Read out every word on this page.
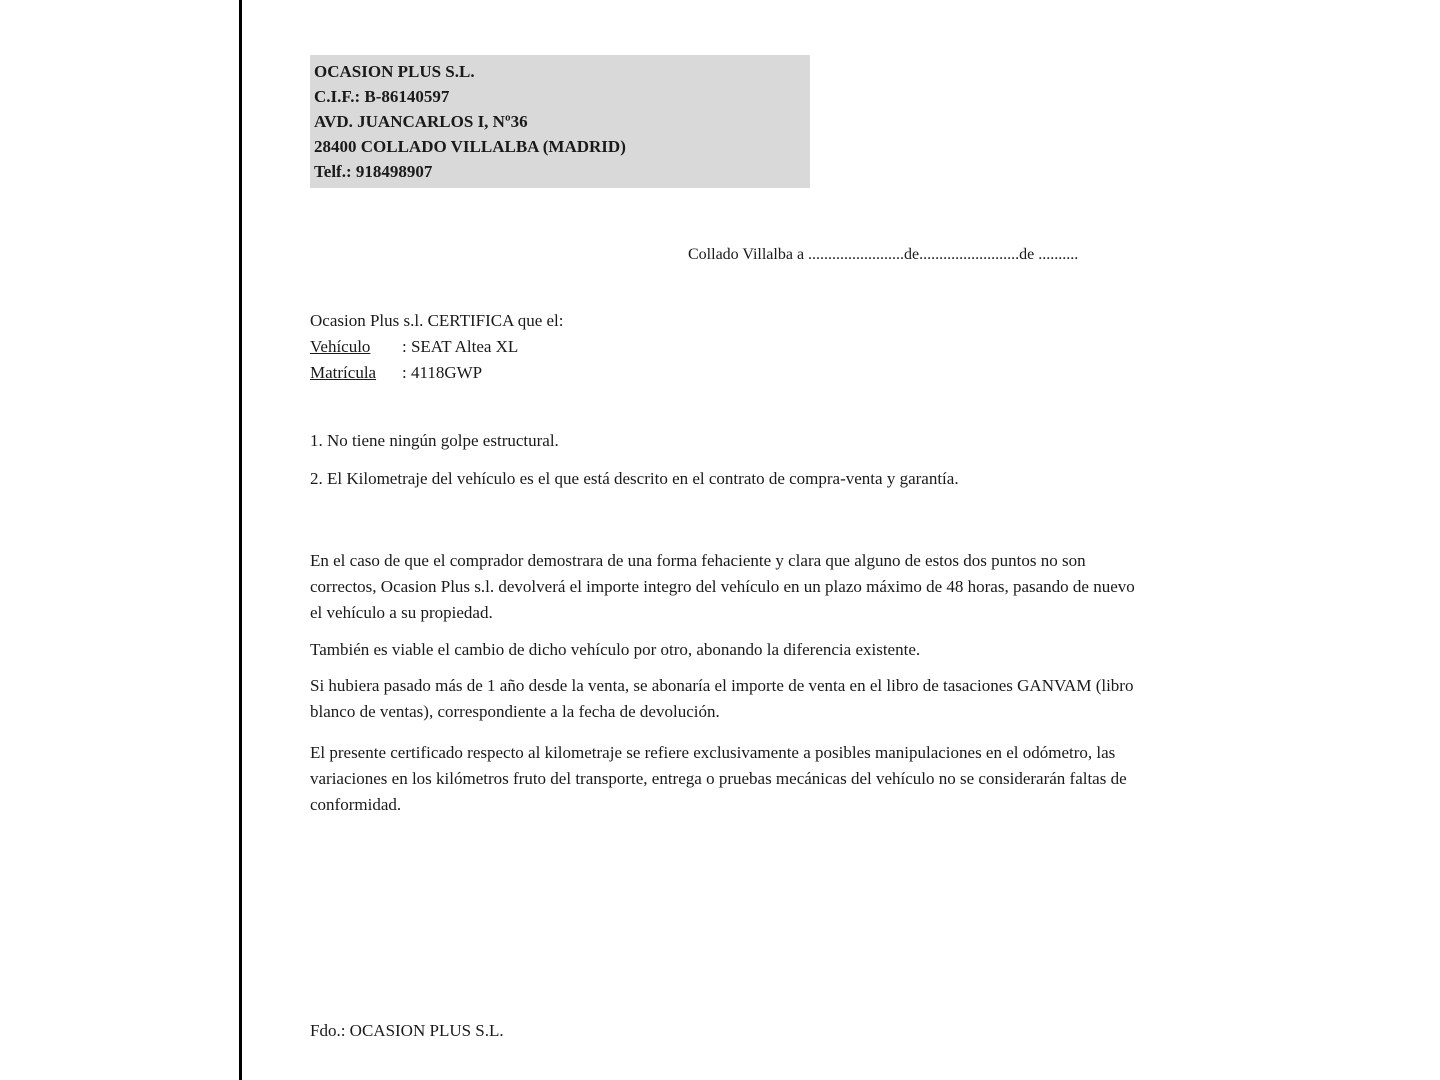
OCASION PLUS S.L.
C.I.F.: B-86140597
AVD. JUANCARLOS I, Nº36
28400 COLLADO VILLALBA (MADRID)
Telf.: 918498907
Collado Villalba a ........................de.........................de ..........
Ocasion Plus s.l. CERTIFICA que el:
Vehículo : SEAT Altea XL
Matrícula : 4118GWP
1. No tiene ningún golpe estructural.
2. El Kilometraje del vehículo es el que está descrito en el contrato de compra-venta y garantía.

En el caso de que el comprador demostrara de una forma fehaciente y clara que alguno de estos dos puntos no son correctos, Ocasion Plus s.l. devolverá el importe integro del vehículo en un plazo máximo de 48 horas, pasando de nuevo el vehículo a su propiedad.

También es viable el cambio de dicho vehículo por otro, abonando la diferencia existente.

Si hubiera pasado más de 1 año desde la venta, se abonaría el importe de venta en el libro de tasaciones GANVAM (libro blanco de ventas), correspondiente a la fecha de devolución.

El presente certificado respecto al kilometraje se refiere exclusivamente a posibles manipulaciones en el odómetro, las variaciones en los kilómetros fruto del transporte, entrega o pruebas mecánicas del vehículo no se considerarán faltas de conformidad.

Fdo.: OCASION PLUS S.L.
